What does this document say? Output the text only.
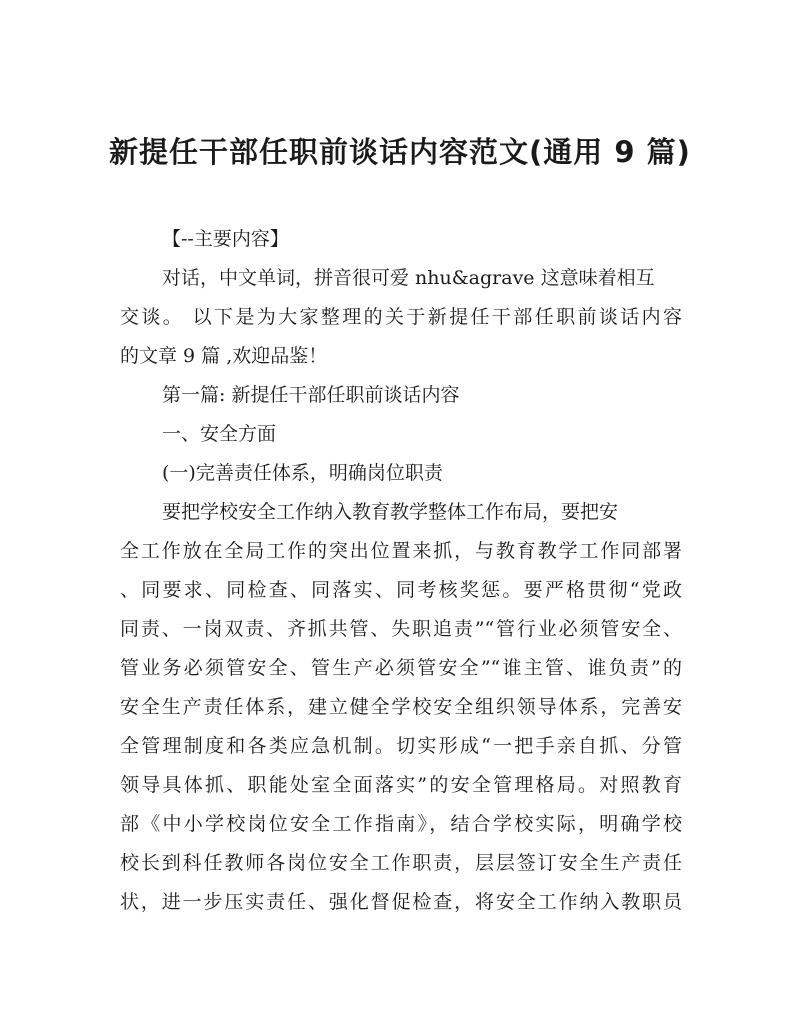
新提任干部任职前谈话内容范文(通用 9 篇)
【--主要内容】
对话，中文单词，拼音很可爱 nhu&agrave 这意味着相互
交谈。 以下是为大家整理的关于新提任干部任职前谈话内容
的文章 9 篇 ,欢迎品鉴！
第一篇: 新提任干部任职前谈话内容
一、安全方面
(一)完善责任体系，明确岗位职责
要把学校安全工作纳入教育教学整体工作布局，要把安
全工作放在全局工作的突出位置来抓，与教育教学工作同部署
、同要求、同检查、同落实、同考核奖惩。要严格贯彻“党政
同责、一岗双责、齐抓共管、失职追责”“管行业必须管安全、
管业务必须管安全、管生产必须管安全”“谁主管、谁负责”的
安全生产责任体系，建立健全学校安全组织领导体系，完善安
全管理制度和各类应急机制。切实形成“一把手亲自抓、分管
领导具体抓、职能处室全面落实”的安全管理格局。对照教育
部《中小学校岗位安全工作指南》，结合学校实际，明确学校
校长到科任教师各岗位安全工作职责，层层签订安全生产责任
状，进一步压实责任、强化督促检查，将安全工作纳入教职员
